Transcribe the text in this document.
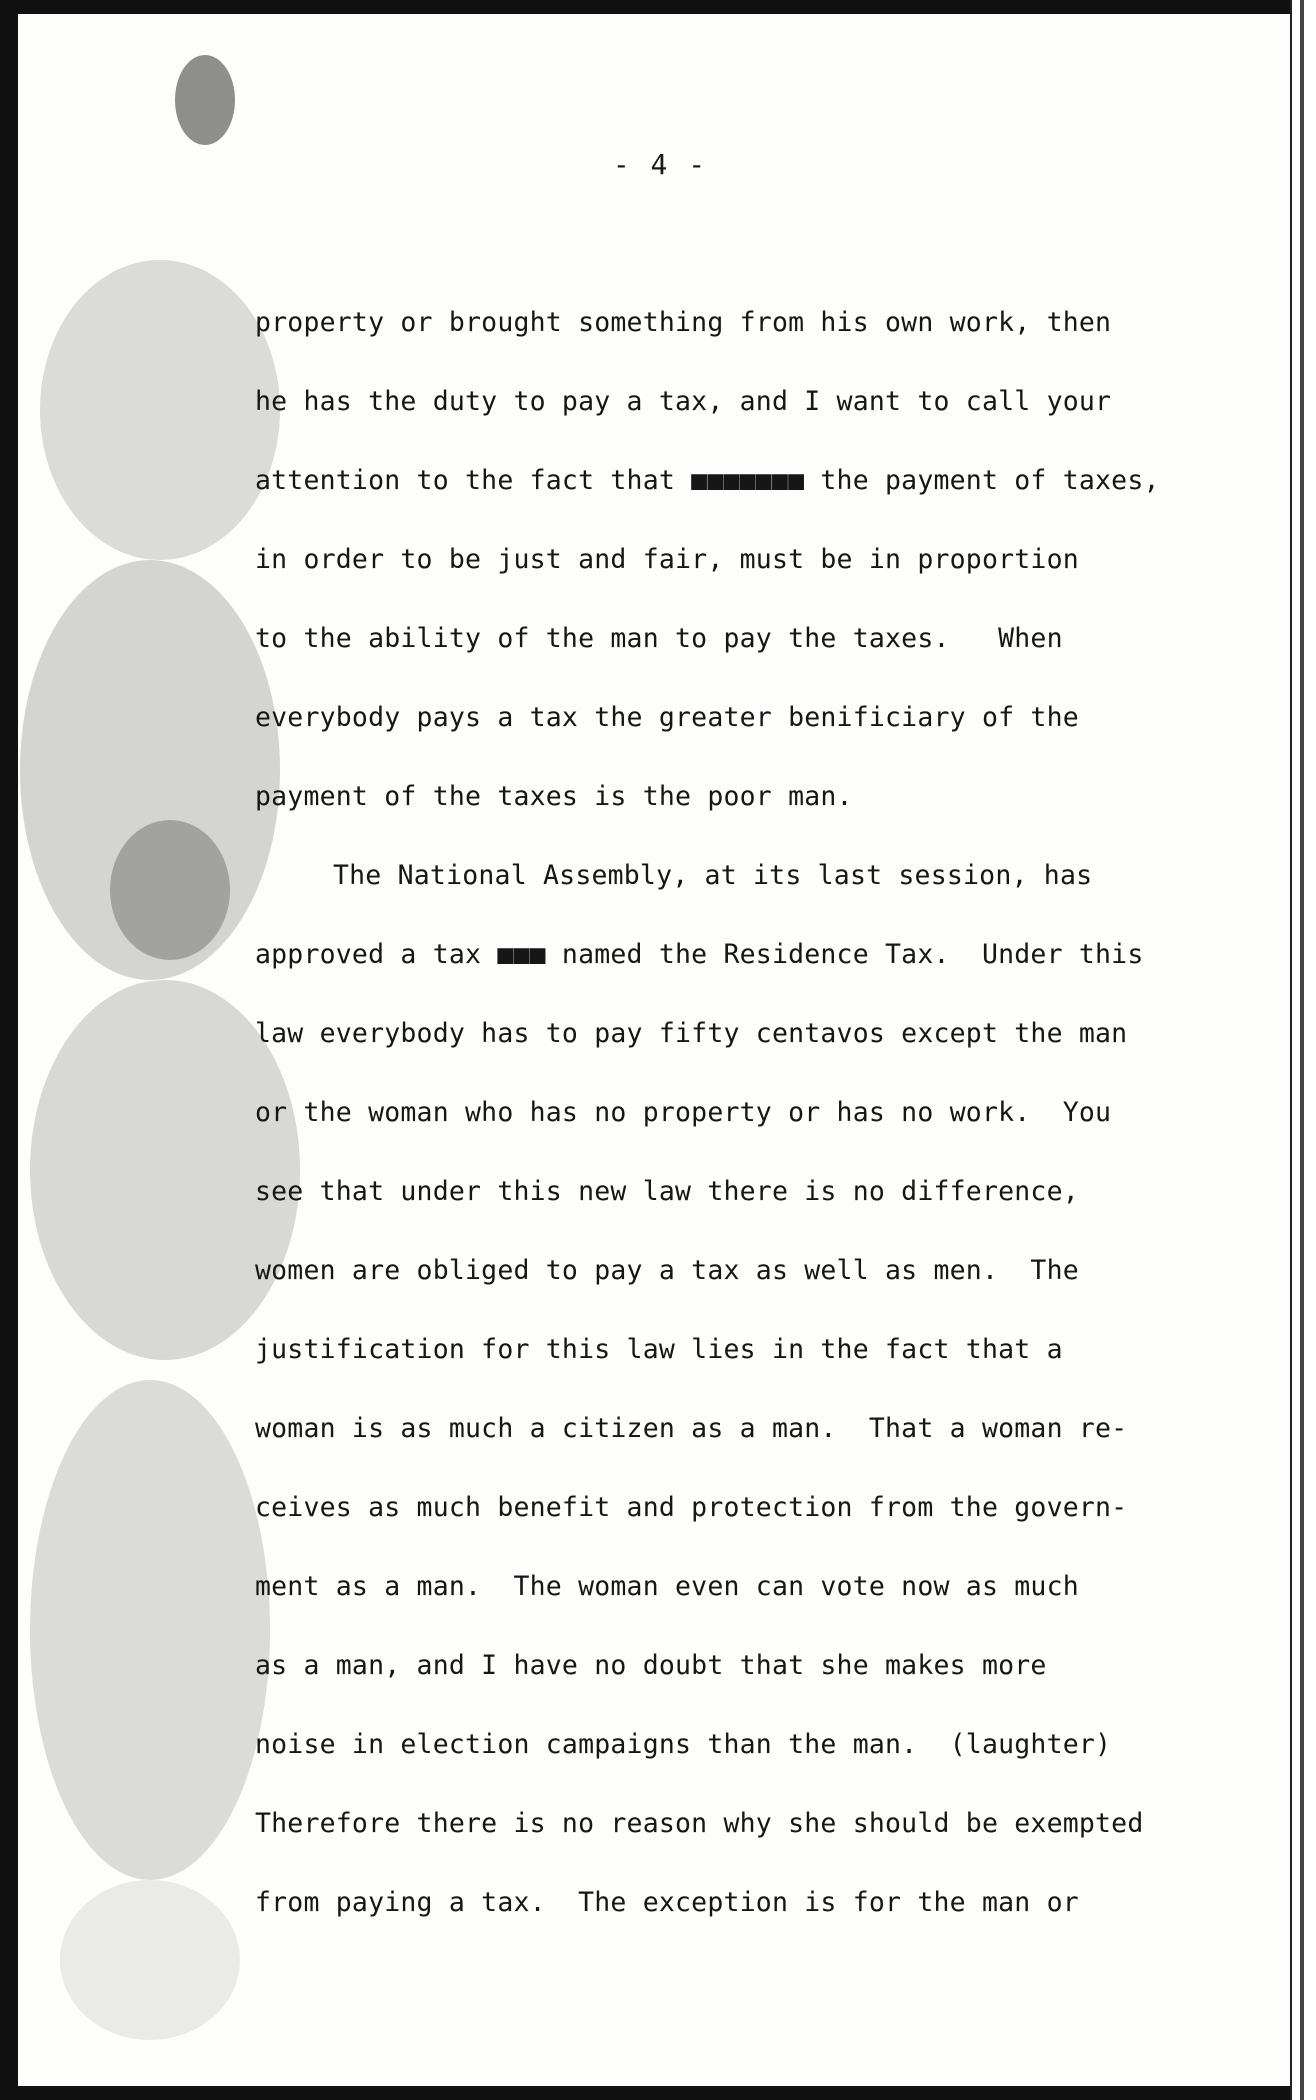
- 4 -
property or brought something from his own work, then
he has the duty to pay a tax, and I want to call your
attention to the fact that ■■■■■■■ the payment of taxes,
in order to be just and fair, must be in proportion
to the ability of the man to pay the taxes.   When
everybody pays a tax the greater benificiary of the
payment of the taxes is the poor man.
The National Assembly, at its last session, has
approved a tax ■■■ named the Residence Tax.  Under this
law everybody has to pay fifty centavos except the man
or the woman who has no property or has no work.  You
see that under this new law there is no difference,
women are obliged to pay a tax as well as men.  The
justification for this law lies in the fact that a
woman is as much a citizen as a man.  That a woman re-
ceives as much benefit and protection from the govern-
ment as a man.  The woman even can vote now as much
as a man, and I have no doubt that she makes more
noise in election campaigns than the man.  (laughter)
Therefore there is no reason why she should be exempted
from paying a tax.  The exception is for the man or
